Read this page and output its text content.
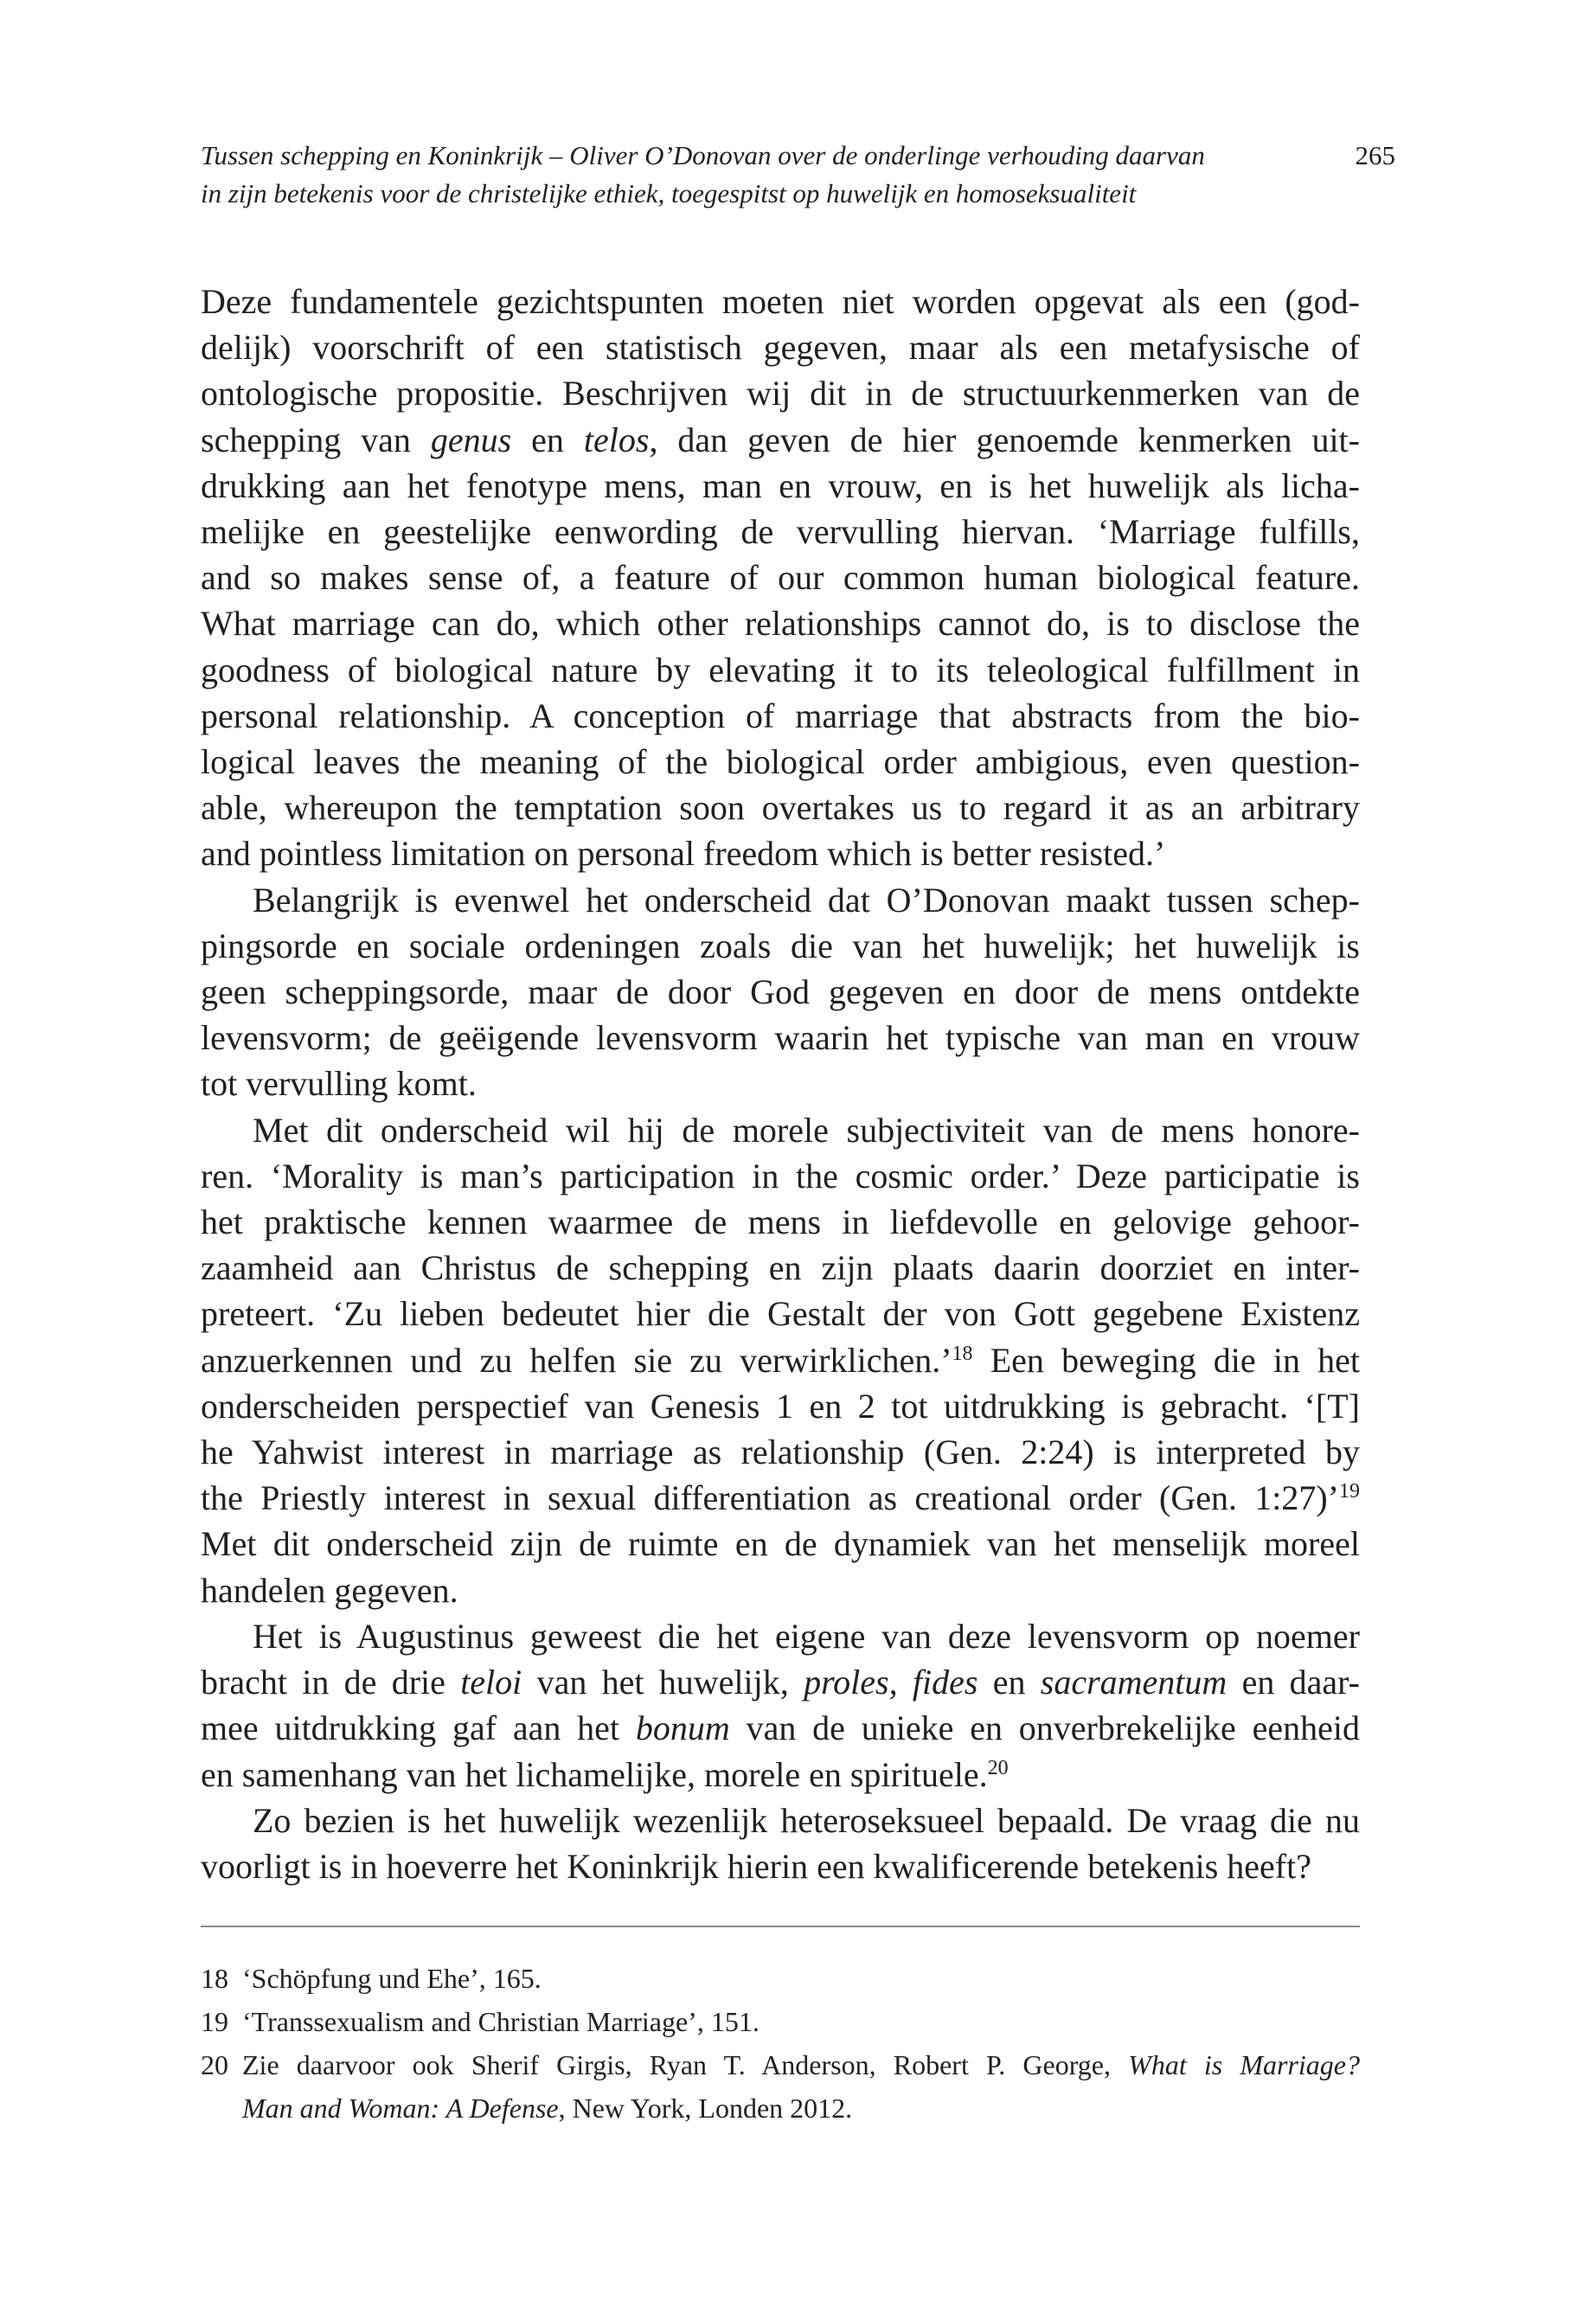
Tussen schepping en Koninkrijk – Oliver O’Donovan over de onderlinge verhouding daarvan
in zijn betekenis voor de christelijke ethiek, toegespitst op huwelijk en homoseksualiteit
265

Deze fundamentele gezichtspunten moeten niet worden opgevat als een (god-
delijk) voorschrift of een statistisch gegeven, maar als een metafysische of
ontologische propositie. Beschrijven wij dit in de structuurkenmerken van de
schepping van genus en telos, dan geven de hier genoemde kenmerken uit-
drukking aan het fenotype mens, man en vrouw, en is het huwelijk als licha-
melijke en geestelijke eenwording de vervulling hiervan. ‘Marriage fulfills,
and so makes sense of, a feature of our common human biological feature.
What marriage can do, which other relationships cannot do, is to disclose the
goodness of biological nature by elevating it to its teleological fulfillment in
personal relationship. A conception of marriage that abstracts from the bio-
logical leaves the meaning of the biological order ambigious, even question-
able, whereupon the temptation soon overtakes us to regard it as an arbitrary
and pointless limitation on personal freedom which is better resisted.’

Belangrijk is evenwel het onderscheid dat O’Donovan maakt tussen schep-
pingsorde en sociale ordeningen zoals die van het huwelijk; het huwelijk is
geen scheppingsorde, maar de door God gegeven en door de mens ontdekte
levensvorm; de geëigende levensvorm waarin het typische van man en vrouw
tot vervulling komt.

Met dit onderscheid wil hij de morele subjectiviteit van de mens honore-
ren. ‘Morality is man’s participation in the cosmic order.’ Deze participatie is
het praktische kennen waarmee de mens in liefdevolle en gelovige gehoor-
zaamheid aan Christus de schepping en zijn plaats daarin doorziet en inter-
preteert. ‘Zu lieben bedeutet hier die Gestalt der von Gott gegebene Existenz
anzuerkennen und zu helfen sie zu verwirklichen.’$^{18}$ Een beweging die in het
onderscheiden perspectief van Genesis 1 en 2 tot uitdrukking is gebracht. ‘[T]
he Yahwist interest in marriage as relationship (Gen. 2:24) is interpreted by
the Priestly interest in sexual differentiation as creational order (Gen. 1:27)’$^{19}$
Met dit onderscheid zijn de ruimte en de dynamiek van het menselijk moreel
handelen gegeven.

Het is Augustinus geweest die het eigene van deze levensvorm op noemer
bracht in de drie teloi van het huwelijk, proles, fides en sacramentum en daar-
mee uitdrukking gaf aan het bonum van de unieke en onverbrekelijke eenheid
en samenhang van het lichamelijke, morele en spirituele.$^{20}$

Zo bezien is het huwelijk wezenlijk heteroseksueel bepaald. De vraag die nu
voorligt is in hoeverre het Koninkrijk hierin een kwalificerende betekenis heeft?

18 ‘Schöpfung und Ehe’, 165.
19 ‘Transsexualism and Christian Marriage’, 151.
20 Zie daarvoor ook Sherif Girgis, Ryan T. Anderson, Robert P. George, What is Marriage?
Man and Woman: A Defense, New York, Londen 2012.
